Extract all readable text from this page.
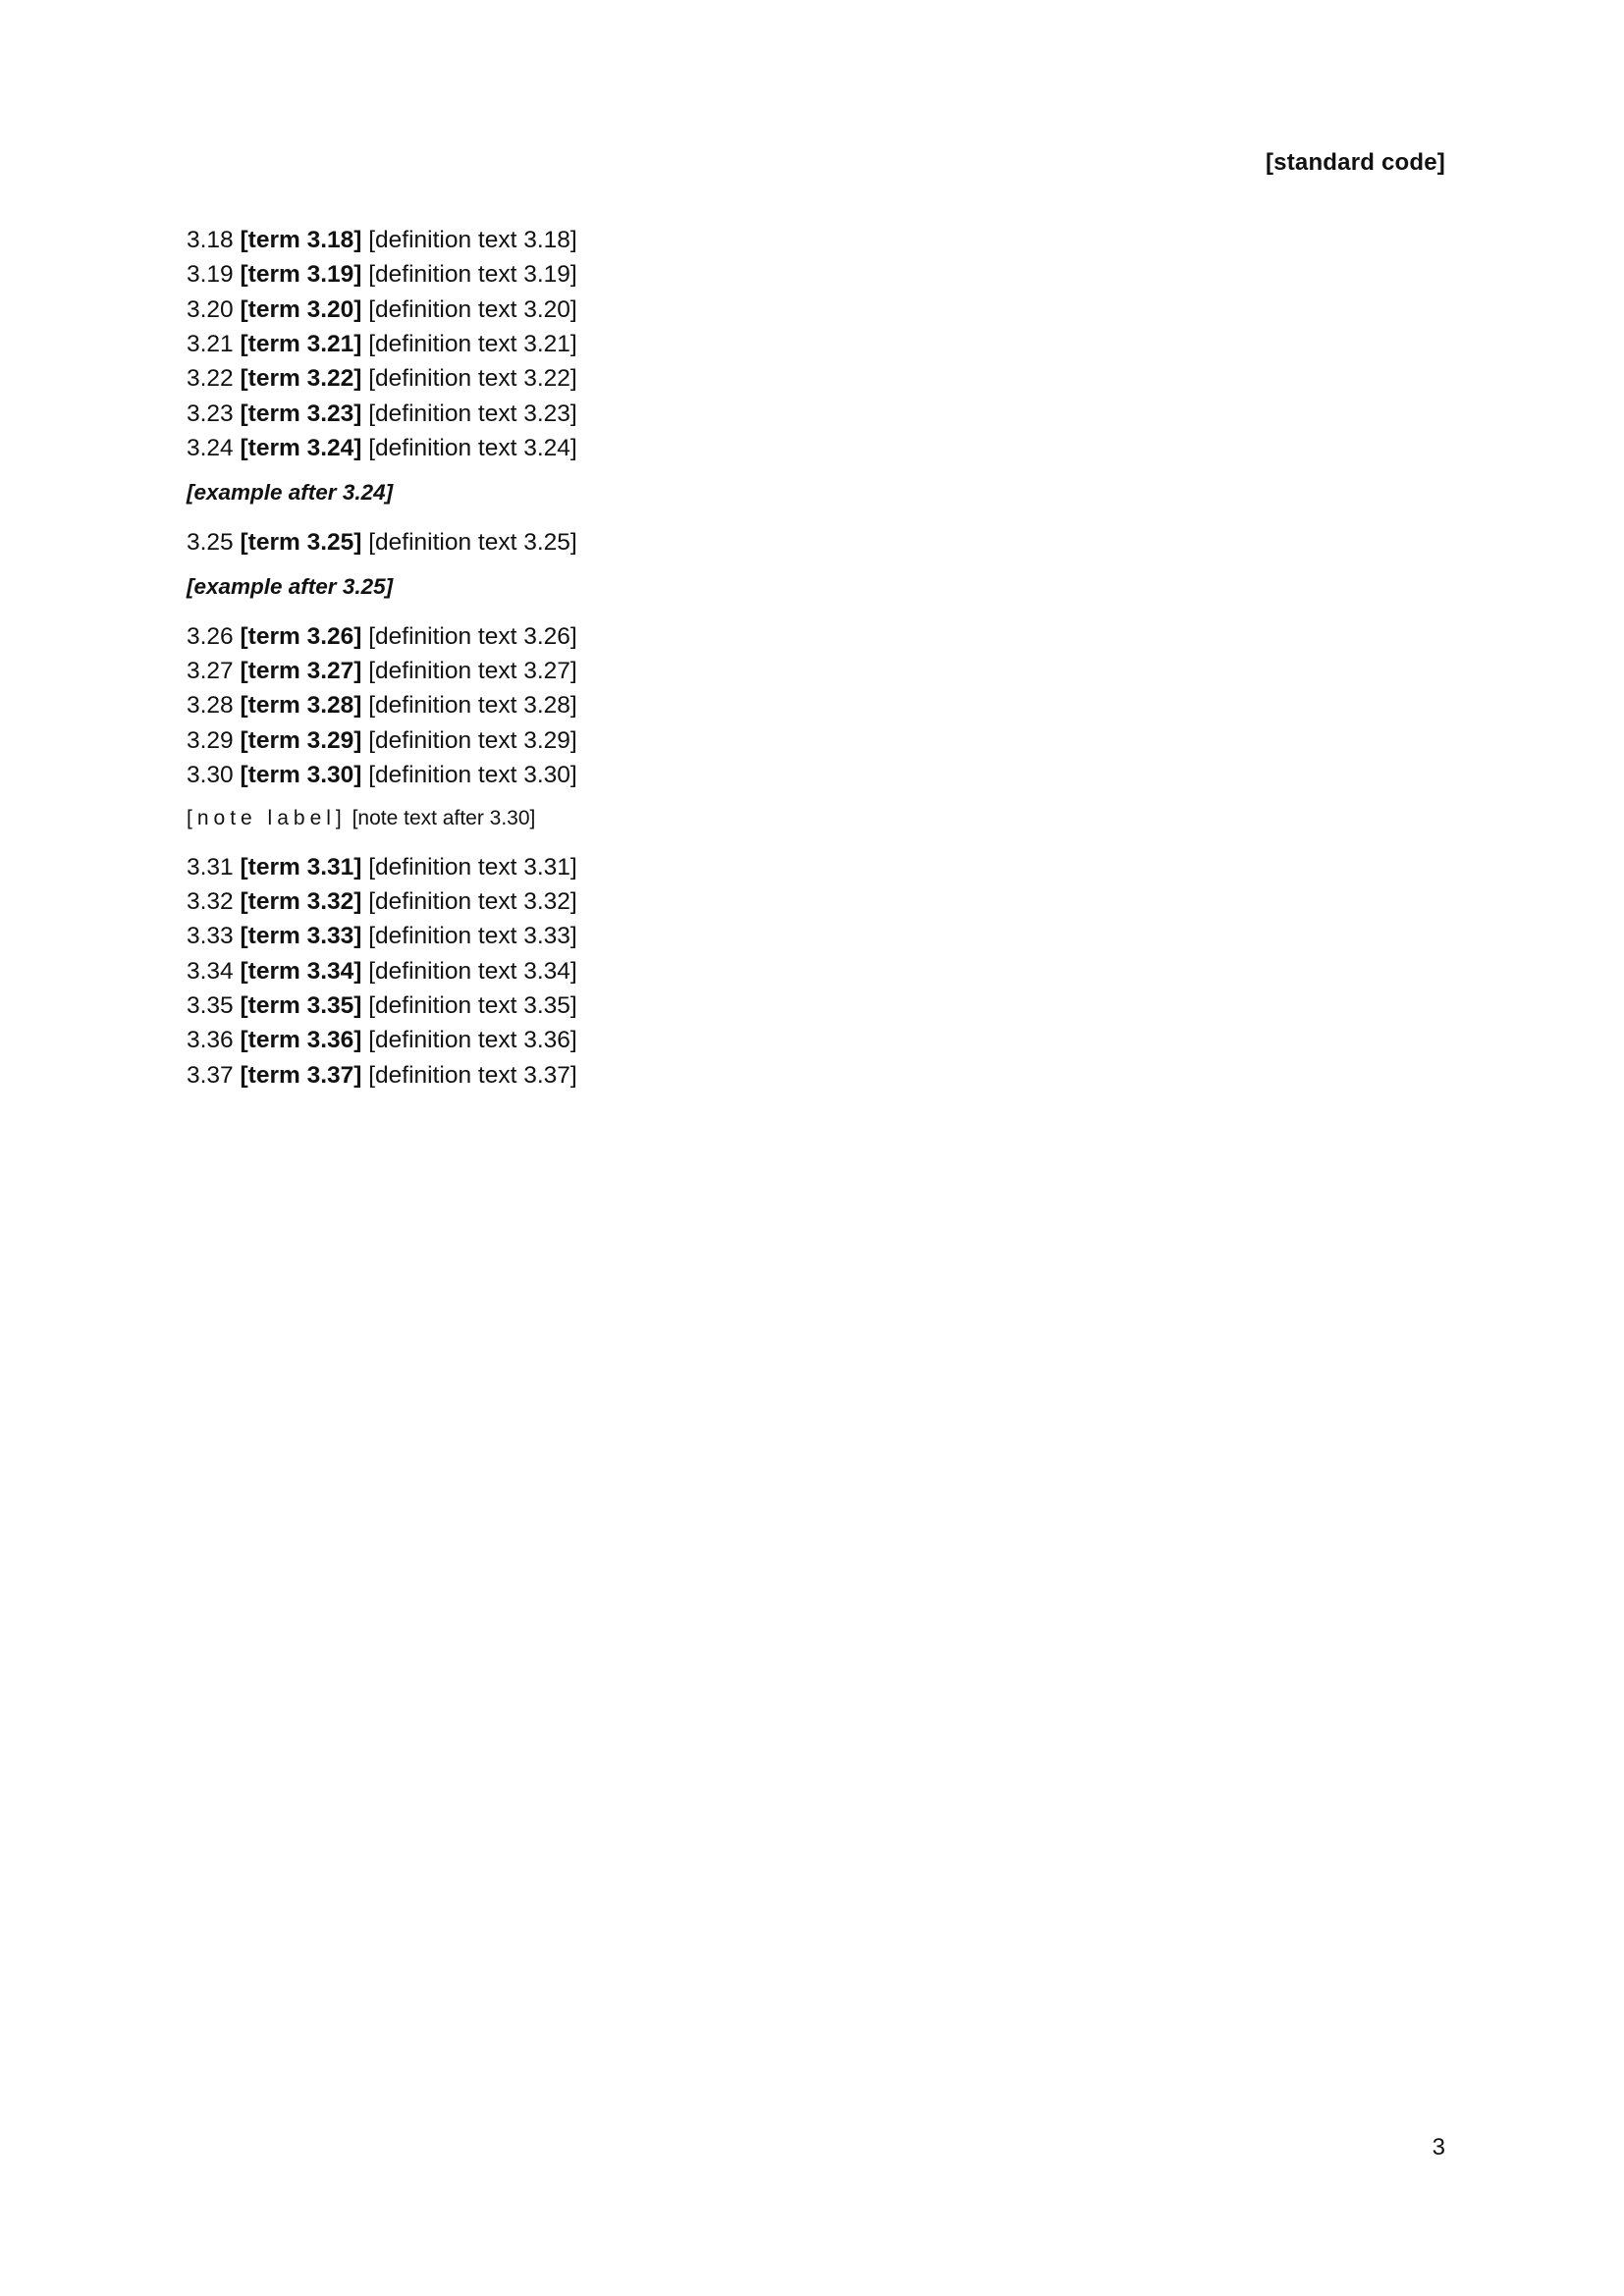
[standard code]

3.18 [term 3.18] [definition text 3.18]

3.19 [term 3.19] [definition text 3.19]

3.20 [term 3.20] [definition text 3.20]

3.21 [term 3.21] [definition text 3.21]

3.22 [term 3.22] [definition text 3.22]

3.23 [term 3.23] [definition text 3.23]

3.24 [term 3.24] [definition text 3.24]

[example after 3.24]

3.25 [term 3.25] [definition text 3.25]

[example after 3.25]

3.26 [term 3.26] [definition text 3.26]

3.27 [term 3.27] [definition text 3.27]

3.28 [term 3.28] [definition text 3.28]

3.29 [term 3.29] [definition text 3.29]

3.30 [term 3.30] [definition text 3.30]

[note label] [note text after 3.30]

3.31 [term 3.31] [definition text 3.31]

3.32 [term 3.32] [definition text 3.32]

3.33 [term 3.33] [definition text 3.33]

3.34 [term 3.34] [definition text 3.34]

3.35 [term 3.35] [definition text 3.35]

3.36 [term 3.36] [definition text 3.36]

3.37 [term 3.37] [definition text 3.37]

3
